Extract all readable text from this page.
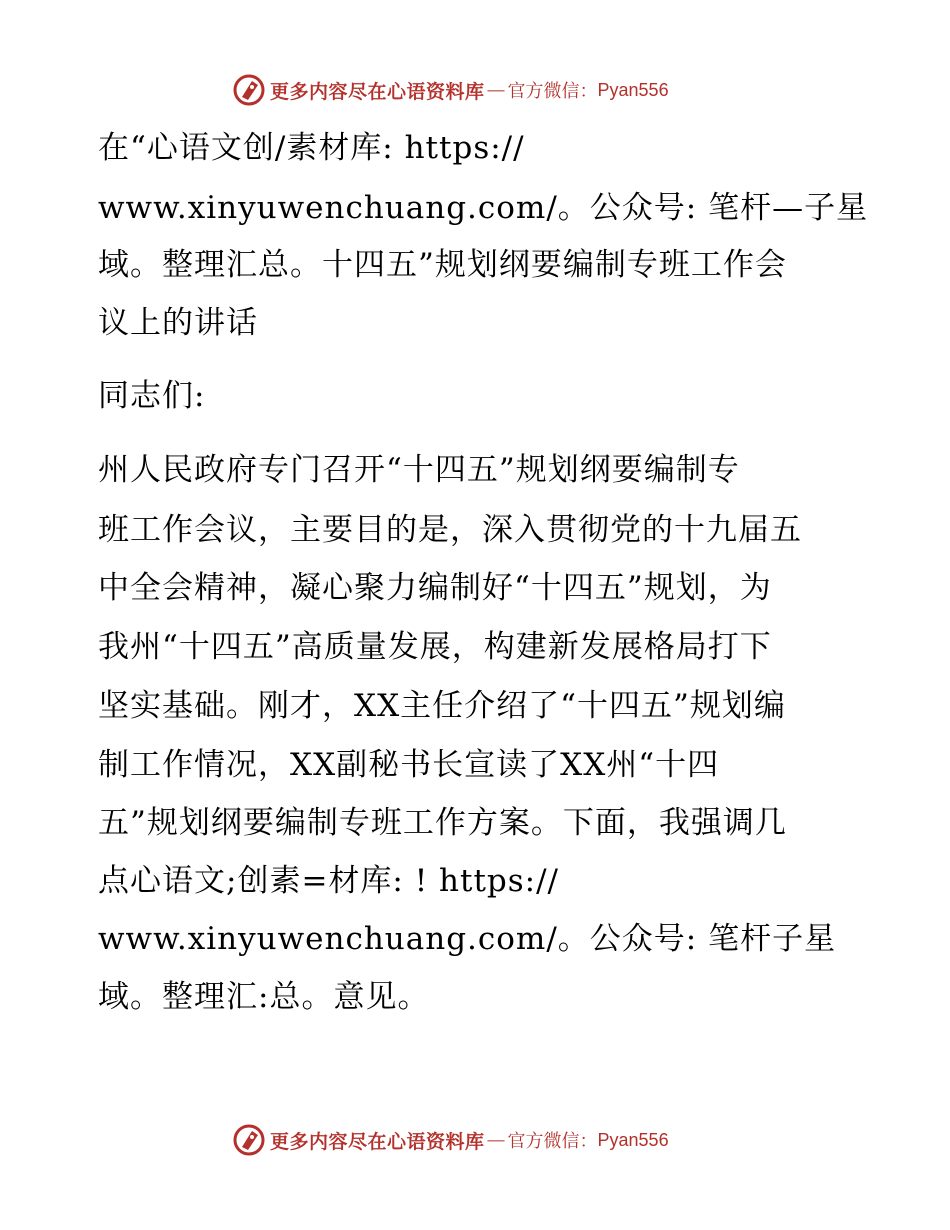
更多内容尽在心语资料库 — 官方微信： Pyan556
在“心语文创/素材库: https://
www.xinyuwenchuang.com/。公众号: 笔杆—子星
域。整理汇总。十四五”规划纲要编制专班工作会
议上的讲话
同志们:
州人民政府专门召开“十四五”规划纲要编制专
班工作会议，主要目的是，深入贯彻党的十九届五
中全会精神，凝心聚力编制好“十四五”规划，为
我州“十四五”高质量发展，构建新发展格局打下
坚实基础。刚才，XX主任介绍了“十四五”规划编
制工作情况，XX副秘书长宣读了XX州“十四
五”规划纲要编制专班工作方案。下面，我强调几
点心语文;创素=材库: ! https://
www.xinyuwenchuang.com/。公众号: 笔杆子星
域。整理汇:总。意见。
更多内容尽在心语资料库 — 官方微信： Pyan556
